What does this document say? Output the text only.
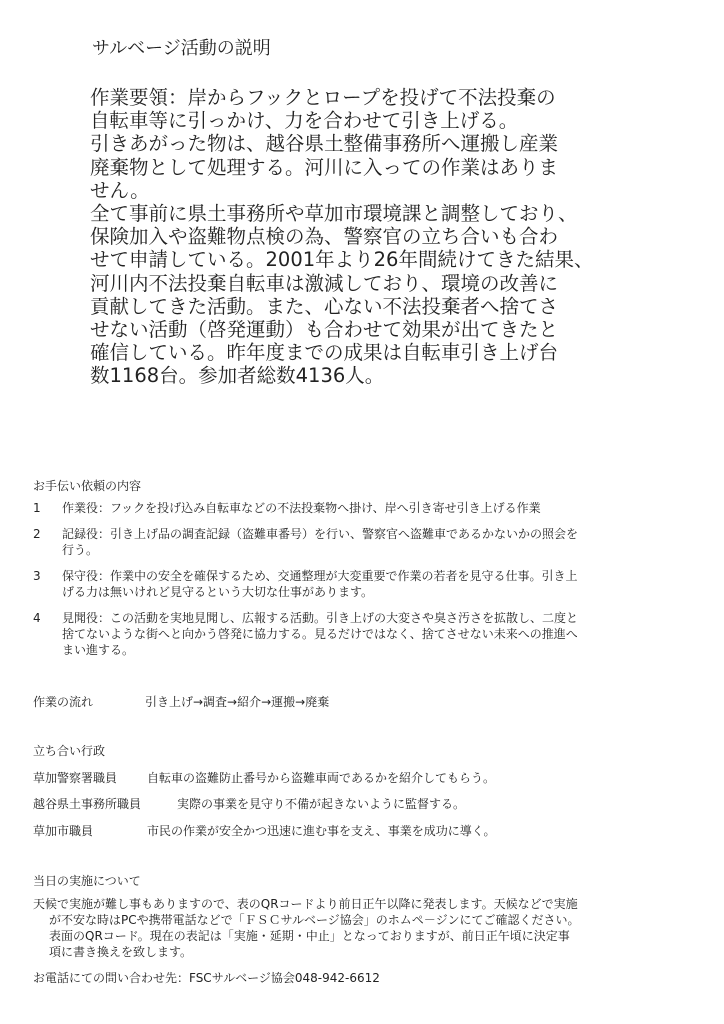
サルベージ活動の説明
作業要領：岸からフックとロープを投げて不法投棄の
自転車等に引っかけ、力を合わせて引き上げる。
引きあがった物は、越谷県土整備事務所へ運搬し産業
廃棄物として処理する。河川に入っての作業はありま
せん。
全て事前に県土事務所や草加市環境課と調整しており、
保険加入や盗難物点検の為、警察官の立ち合いも合わ
せて申請している。2001年より26年間続けてきた結果、
河川内不法投棄自転車は激減しており、環境の改善に
貢献してきた活動。また、心ない不法投棄者へ捨てさ
せない活動（啓発運動）も合わせて効果が出てきたと
確信している。昨年度までの成果は自転車引き上げ台
数1168台。参加者総数4136人。
お手伝い依頼の内容
1	作業役：フックを投げ込み自転車などの不法投棄物へ掛け、岸へ引き寄せ引き上げる作業
2	記録役：引き上げ品の調査記録（盗難車番号）を行い、警察官へ盗難車であるかないかの照会を
行う。
3	保守役：作業中の安全を確保するため、交通整理が大変重要で作業の若者を見守る仕事。引き上
げる力は無いけれど見守るという大切な仕事があります。
4	見聞役：この活動を実地見聞し、広報する活動。引き上げの大変さや臭さ汚さを拡散し、二度と
捨てないような街へと向かう啓発に協力する。見るだけではなく、捨てさせない未来への推進へ
まい進する。
作業の流れ	引き上げ→調査→紹介→運搬→廃棄
立ち合い行政
草加警察署職員 自転車の盗難防止番号から盗難車両であるかを紹介してもらう。
越谷県土事務所職員	実際の事業を見守り不備が起きないように監督する。
草加市職員	市民の作業が安全かつ迅速に進む事を支え、事業を成功に導く。
当日の実施について
天候で実施が難し事もありますので、表のQRコードより前日正午以降に発表します。天候などで実施
が不安な時はPCや携帯電話などで「ＦＳＣサルベージ協会」のホムペ－ジンにてご確認ください。
表面のQRコード。現在の表記は「実施・延期・中止」となっておりますが、前日正午頃に決定事
項に書き換えを致します。
お電話にての問い合わせ先：FSCサルベージ協会048-942-6612
